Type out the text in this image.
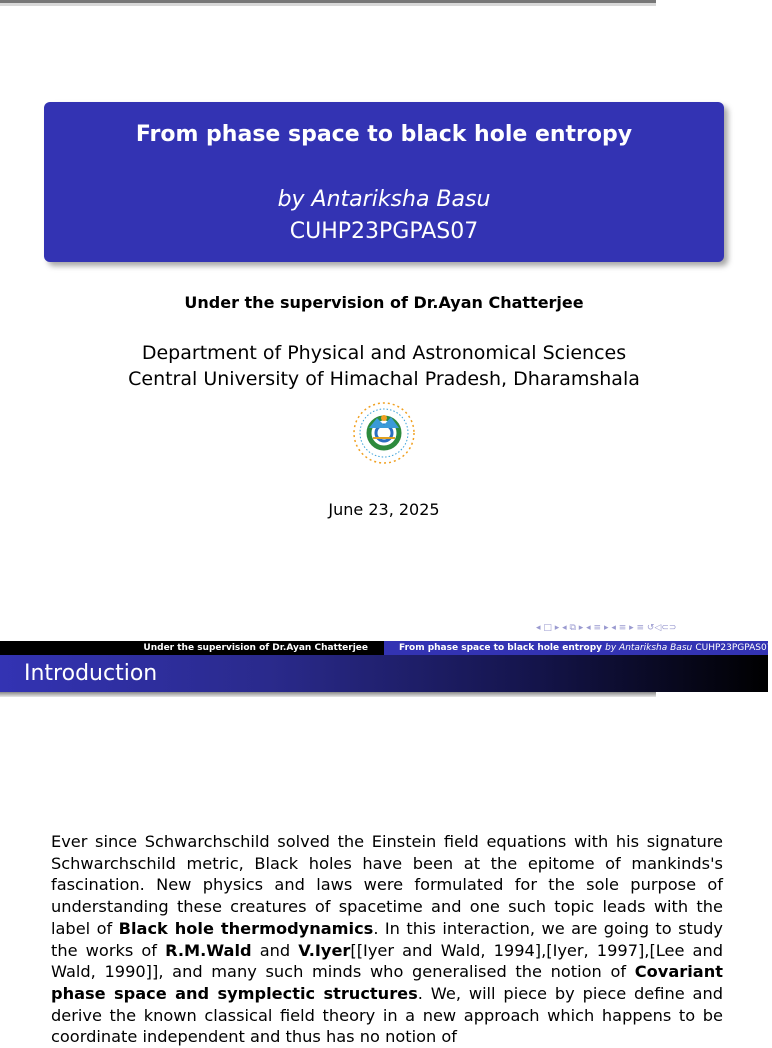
From phase space to black hole entropy
by Antariksha Basu
CUHP23PGPAS07
Under the supervision of Dr.Ayan Chatterjee
Department of Physical and Astronomical Sciences
Central University of Himachal Pradesh, Dharamshala
June 23, 2025
◂ □ ▸ ◂ ⧉ ▸ ◂ ≡ ▸ ◂ ≡ ▸ ≡ ↺◁⊂⊃
Under the supervision of Dr.Ayan Chatterjee	From phase space to black hole entropy by Antariksha Basu CUHP23PGPAS07
Introduction
Ever since Schwarchschild solved the Einstein field equations with his signature Schwarchschild metric, Black holes have been at the epitome of mankinds's fascination. New physics and laws were formulated for the sole purpose of understanding these creatures of spacetime and one such topic leads with the label of Black hole thermodynamics. In this interaction, we are going to study the works of R.M.Wald and V.Iyer[[Iyer and Wald, 1994],[Iyer, 1997],[Lee and Wald, 1990]], and many such minds who generalised the notion of Covariant phase space and symplectic structures. We, will piece by piece define and derive the known classical field theory in a new approach which happens to be coordinate independent and thus has no notion of
